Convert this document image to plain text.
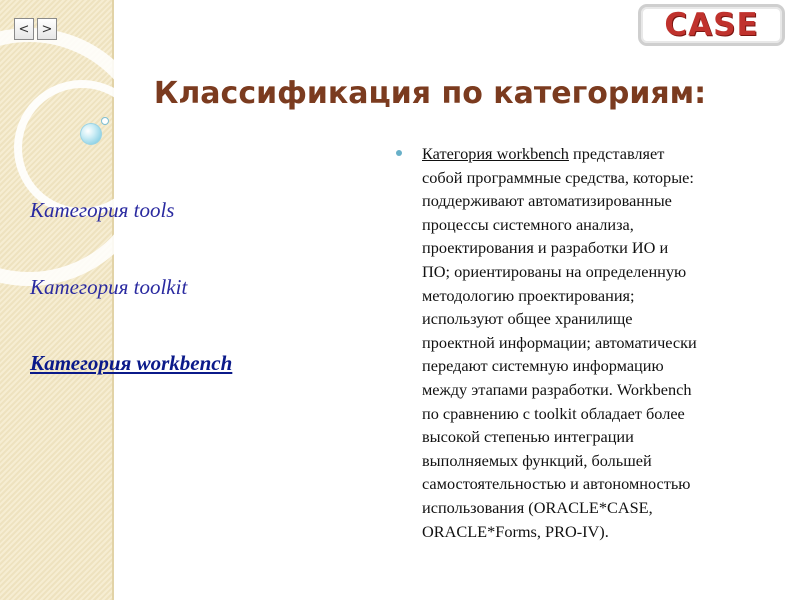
< >	CASE
Классификация по категориям:
Категория tools
Категория toolkit
Категория workbench

Категория workbench представляет
собой программные средства, которые:
поддерживают автоматизированные
процессы системного анализа,
проектирования и разработки ИО и
ПО; ориентированы на определенную
методологию проектирования;
используют общее хранилище
проектной информации; автоматически
передают системную информацию
между этапами разработки. Workbench
по сравнению с toolkit обладает более
высокой степенью интеграции
выполняемых функций, большей
самостоятельностью и автономностью
использования (ORACLE*CASE,
ORACLE*Forms, PRO-IV).
